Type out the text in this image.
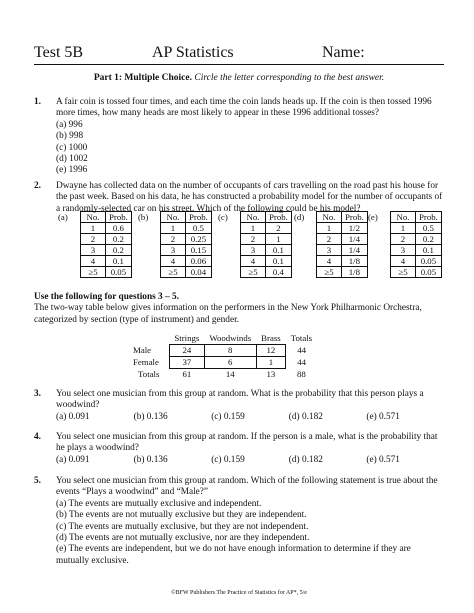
Test 5B	AP Statistics	Name:
Part 1: Multiple Choice. Circle the letter corresponding to the best answer.
1. A fair coin is tossed four times, and each time the coin lands heads up. If the coin is then tossed 1996 more times, how many heads are most likely to appear in these 1996 additional tosses?
(a) 996
(b) 998
(c) 1000
(d) 1002
(e) 1996
2. Dwayne has collected data on the number of occupants of cars travelling on the road past his house for the past week. Based on his data, he has constructed a probability model for the number of occupants of a randomly-selected car on his street. Which of the following could be his model?
(a) No.	Prob.
1	0.6
2	0.2
3	0.2
4	0.1
≥5	0.05
(b) No.	Prob.
1	0.5
2	0.25
3	0.15
4	0.06
≥5	0.04
(c) No.	Prob.
1	2
2	1
3	0.1
4	0.1
≥5	0.4
(d) No.	Prob.
1	1/2
2	1/4
3	1/4
4	1/8
≥5	1/8
(e) No.	Prob.
1	0.5
2	0.2
3	0.1
4	0.05
≥5	0.05
Use the following for questions 3 – 5.
The two-way table below gives information on the performers in the New York Philharmonic Orchestra, categorized by section (type of instrument) and gender.
	Strings	Woodwinds	Brass	Totals
Male	24	8	12	44
Female	37	6	1	44
Totals	61	14	13	88
3. You select one musician from this group at random. What is the probability that this person plays a woodwind?
(a) 0.091	(b) 0.136	(c) 0.159	(d) 0.182	(e) 0.571
4. You select one musician from this group at random. If the person is a male, what is the probability that he plays a woodwind?
(a) 0.091	(b) 0.136	(c) 0.159	(d) 0.182	(e) 0.571
5. You select one musician from this group at random. Which of the following statement is true about the events “Plays a woodwind” and “Male?”
(a) The events are mutually exclusive and independent.
(b) The events are not mutually exclusive but they are independent.
(c) The events are mutually exclusive, but they are not independent.
(d) The events are not mutually exclusive, nor are they independent.
(e) The events are independent, but we do not have enough information to determine if they are mutually exclusive.
©BFW Publishers The Practice of Statistics for AP*, 5/e
